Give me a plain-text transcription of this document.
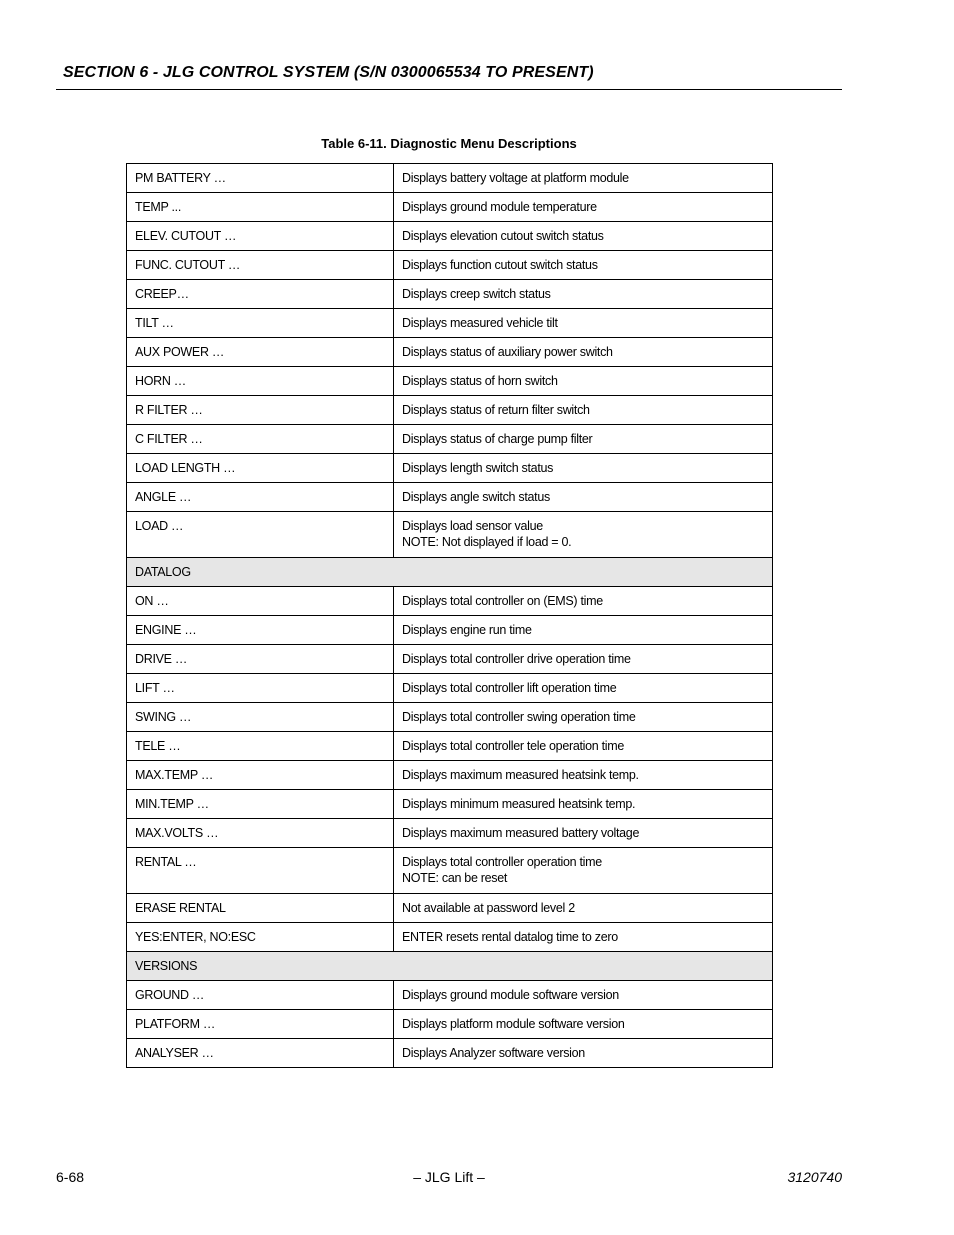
SECTION 6 - JLG CONTROL SYSTEM (S/N 0300065534 TO PRESENT)
Table 6-11. Diagnostic Menu Descriptions
PM BATTERY …	Displays battery voltage at platform module

TEMP ...	Displays ground module temperature

ELEV. CUTOUT …	Displays elevation cutout switch status

FUNC. CUTOUT …	Displays function cutout switch status

CREEP…	Displays creep switch status

TILT …	Displays measured vehicle tilt

AUX POWER …	Displays status of auxiliary power switch

HORN …	Displays status of horn switch

R FILTER …	Displays status of return filter switch

C FILTER …	Displays status of charge pump filter

LOAD LENGTH …	Displays length switch status

ANGLE …	Displays angle switch status

LOAD …	Displays load sensor value
NOTE: Not displayed if load = 0.

DATALOG	
ON …	Displays total controller on (EMS) time

ENGINE …	Displays engine run time

DRIVE …	Displays total controller drive operation time

LIFT …	Displays total controller lift operation time

SWING …	Displays total controller swing operation time

TELE …	Displays total controller tele operation time

MAX.TEMP …	Displays maximum measured heatsink temp.

MIN.TEMP …	Displays minimum measured heatsink temp.

MAX.VOLTS …	Displays maximum measured battery voltage

RENTAL …	Displays total controller operation time
NOTE: can be reset

ERASE RENTAL	Not available at password level 2

YES:ENTER, NO:ESC	ENTER resets rental datalog time to zero

VERSIONS	
GROUND …	Displays ground module software version

PLATFORM …	Displays platform module software version

ANALYSER …	Displays Analyzer software version
6-68	– JLG Lift –	3120740
